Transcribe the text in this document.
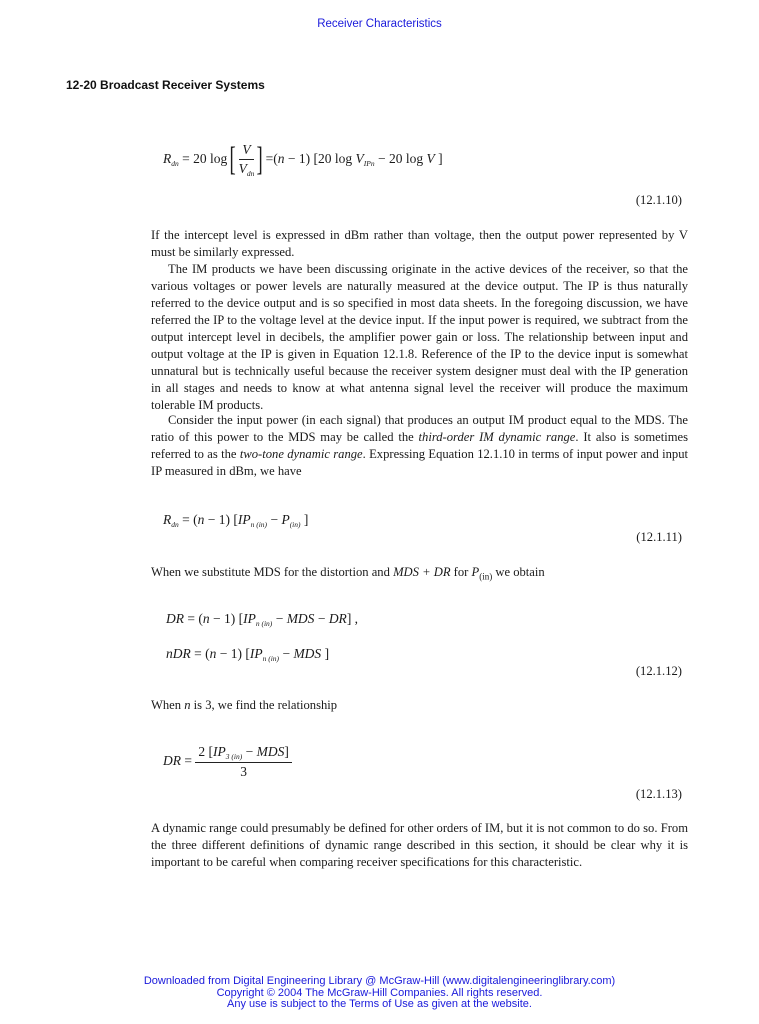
Receiver Characteristics
12-20 Broadcast Receiver Systems
$R_{dn} = 20$ $\log[ \frac{V}{V_{dn}}$ ] =(n − 1) [20 $\log V_{IPn} - 20$ log V ]
(12.1.10)

If the intercept level is expressed in dBm rather than voltage, then the output power represented by V must be similarly expressed.

The IM products we have been discussing originate in the active devices of the receiver, so that the various voltages or power levels are naturally measured at the device output. The IP is thus naturally referred to the device output and is so specified in most data sheets. In the foregoing discussion, we have referred the IP to the voltage level at the device input. If the input power is required, we subtract from the output intercept level in decibels, the amplifier power gain or loss. The relationship between input and output voltage at the IP is given in Equation 12.1.8. Reference of the IP to the device input is somewhat unnatural but is technically useful because the receiver system designer must deal with the IP generation in all stages and needs to know at what antenna signal level the receiver will produce the maximum tolerable IM products.

Consider the input power (in each signal) that produces an output IM product equal to the MDS. The ratio of this power to the MDS may be called the third-order IM dynamic range. It also is sometimes referred to as the two-tone dynamic range. Expressing Equation 12.1.10 in terms of input power and input IP measured in dBm, we have

$R_{dn} = (n - 1) [IP_{n (in)} - P_{(in)}$ ]
(12.1.11)

When we substitute MDS for the distortion and MDS + DR for $P_{(in)}$ we obtain

DR = (n − 1) [$IP_{n (in)}$ − MDS − DR] ,
nDR = (n − 1) [$IP_{n (in)}$ − MDS ]
(12.1.12)

When n is 3, we find the relationship

DR = $\frac{2 [IP_{3 (in)} - MDS]}{3}$
(12.1.13)

A dynamic range could presumably be defined for other orders of IM, but it is not common to do so. From the three different definitions of dynamic range described in this section, it should be clear why it is important to be careful when comparing receiver specifications for this characteristic.

Downloaded from Digital Engineering Library @ McGraw-Hill (www.digitalengineeringlibrary.com)
Copyright © 2004 The McGraw-Hill Companies. All rights reserved.
Any use is subject to the Terms of Use as given at the website.
